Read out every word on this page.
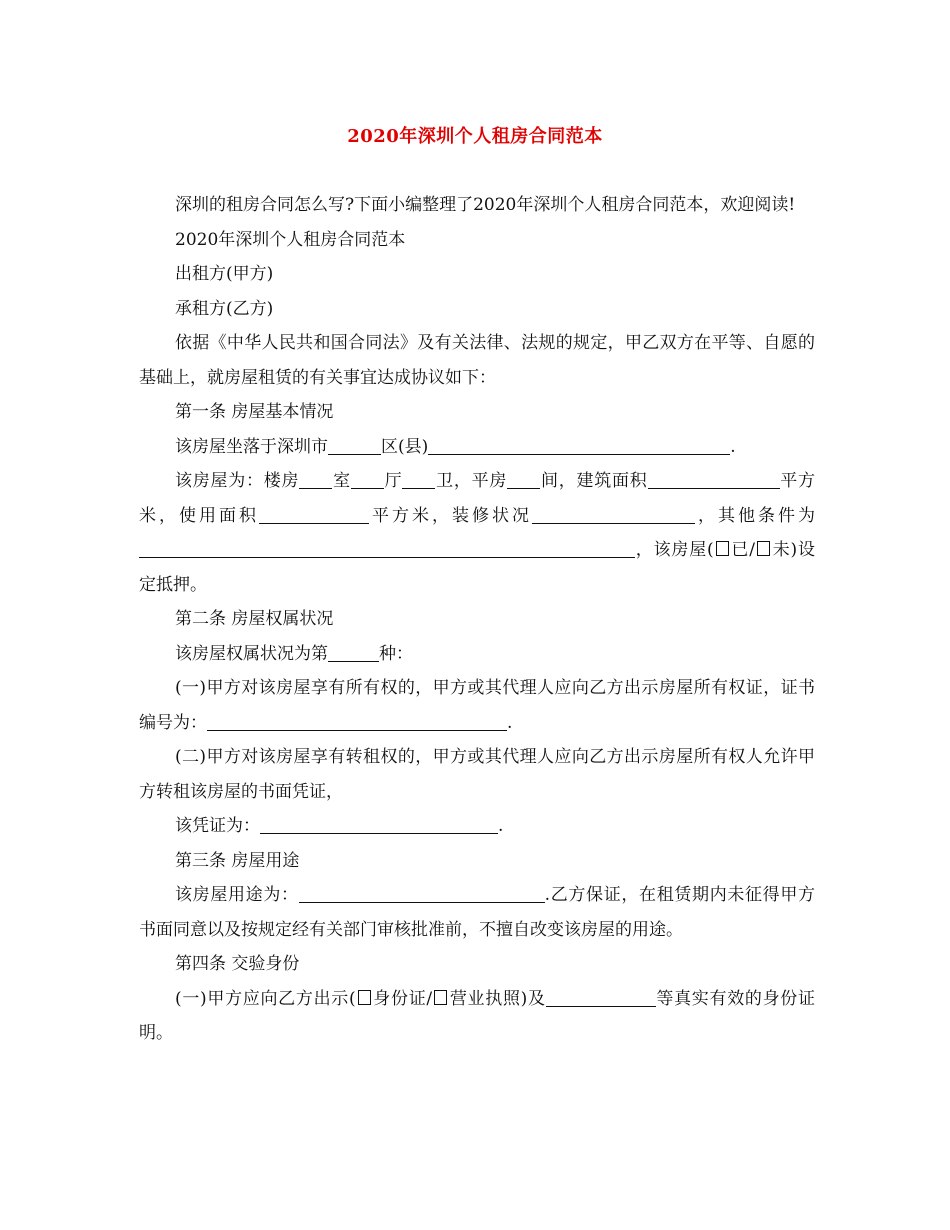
2020年深圳个人租房合同范本

深圳的租房合同怎么写?下面小编整理了2020年深圳个人租房合同范本，欢迎阅读!

2020年深圳个人租房合同范本

出租方(甲方)

承租方(乙方)

依据《中华人民共和国合同法》及有关法律、法规的规定，甲乙双方在平等、自愿的基础上，就房屋租赁的有关事宜达成协议如下：

第一条 房屋基本情况

该房屋坐落于深圳市	区(县)	.

该房屋为：楼房 室 厅 卫，平房 间，建筑面积	平方米，使用面积	平方米，装修状况	，其他条件为，该房屋( 已/ 未)设定抵押。

第二条 房屋权属状况

该房屋权属状况为第	种：

(一)甲方对该房屋享有所有权的，甲方或其代理人应向乙方出示房屋所有权证，证书编号为：	.

(二)甲方对该房屋享有转租权的，甲方或其代理人应向乙方出示房屋所有权人允许甲方转租该房屋的书面凭证，

该凭证为：	.

第三条 房屋用途

该房屋用途为：	.乙方保证，在租赁期内未征得甲方书面同意以及按规定经有关部门审核批准前，不擅自改变该房屋的用途。

第四条 交验身份

(一)甲方应向乙方出示( 身份证/ 营业执照)及	等真实有效的身份证明。
